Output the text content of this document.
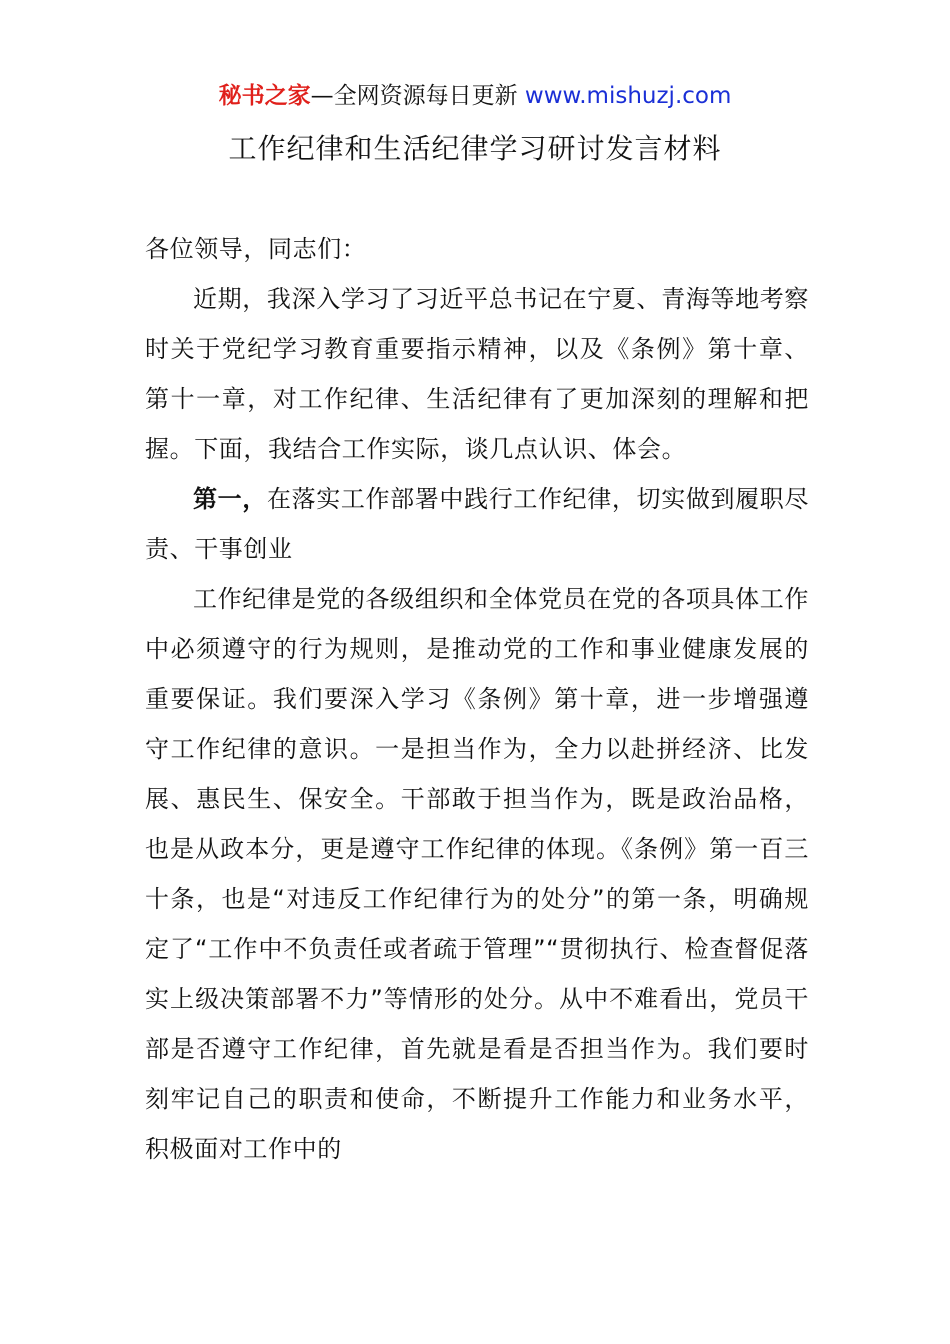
秘书之家—全网资源每日更新 www.mishuzj.com
工作纪律和生活纪律学习研讨发言材料

各位领导，同志们：

近期，我深入学习了习近平总书记在宁夏、青海等地考察时关于党纪学习教育重要指示精神，以及《条例》第十章、第十一章，对工作纪律、生活纪律有了更加深刻的理解和把握。下面，我结合工作实际，谈几点认识、体会。

第一，在落实工作部署中践行工作纪律，切实做到履职尽责、干事创业

工作纪律是党的各级组织和全体党员在党的各项具体工作中必须遵守的行为规则，是推动党的工作和事业健康发展的重要保证。我们要深入学习《条例》第十章，进一步增强遵守工作纪律的意识。一是担当作为，全力以赴拼经济、比发展、惠民生、保安全。干部敢于担当作为，既是政治品格，也是从政本分，更是遵守工作纪律的体现。《条例》第一百三十条，也是“对违反工作纪律行为的处分”的第一条，明确规定了“工作中不负责任或者疏于管理”“贯彻执行、检查督促落实上级决策部署不力”等情形的处分。从中不难看出，党员干部是否遵守工作纪律，首先就是看是否担当作为。我们要时刻牢记自己的职责和使命，不断提升工作能力和业务水平，积极面对工作中的
